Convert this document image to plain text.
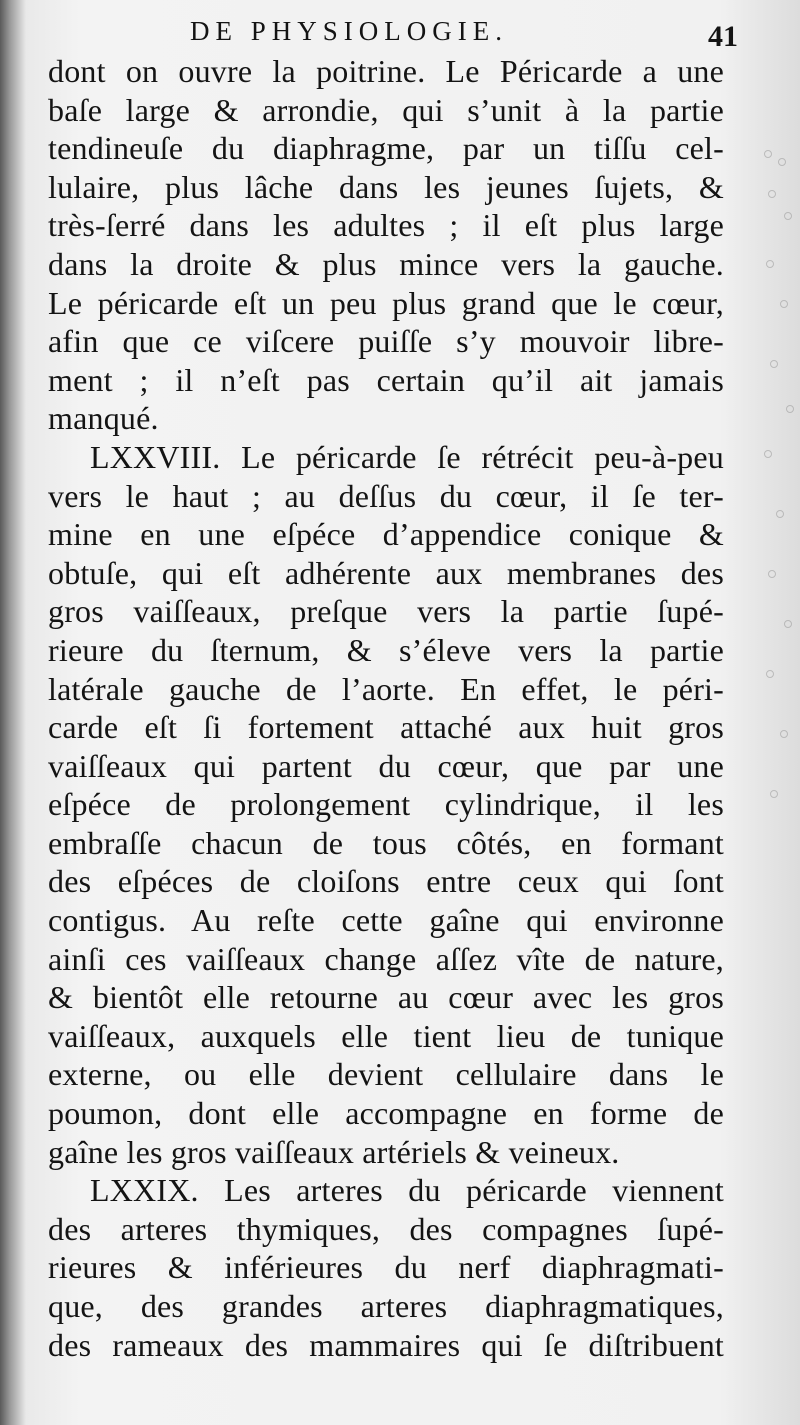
DE PHYSIOLOGIE.	41
dont on ouvre la poitrine. Le Péricarde a une
baſe large & arrondie, qui s’unit à la partie
tendineuſe du diaphragme, par un tiſſu cel-
lulaire, plus lâche dans les jeunes ſujets, &
très-ſerré dans les adultes ; il eſt plus large
dans la droite & plus mince vers la gauche.
Le péricarde eſt un peu plus grand que le cœur,
afin que ce viſcere puiſſe s’y mouvoir libre-
ment ; il n’eſt pas certain qu’il ait jamais
manqué.
LXXVIII. Le péricarde ſe rétrécit peu-à-peu
vers le haut ; au deſſus du cœur, il ſe ter-
mine en une eſpéce d’appendice conique &
obtuſe, qui eſt adhérente aux membranes des
gros vaiſſeaux, preſque vers la partie ſupé-
rieure du ſternum, & s’éleve vers la partie
latérale gauche de l’aorte. En effet, le péri-
carde eſt ſi fortement attaché aux huit gros
vaiſſeaux qui partent du cœur, que par une
eſpéce de prolongement cylindrique, il les
embraſſe chacun de tous côtés, en formant
des eſpéces de cloiſons entre ceux qui ſont
contigus. Au reſte cette gaîne qui environne
ainſi ces vaiſſeaux change aſſez vîte de nature,
& bientôt elle retourne au cœur avec les gros
vaiſſeaux, auxquels elle tient lieu de tunique
externe, ou elle devient cellulaire dans le
poumon, dont elle accompagne en forme de
gaîne les gros vaiſſeaux artériels & veineux.
LXXIX. Les arteres du péricarde viennent
des arteres thymiques, des compagnes ſupé-
rieures & inférieures du nerf diaphragmati-
que, des grandes arteres diaphragmatiques,
des rameaux des mammaires qui ſe diſtribuent
